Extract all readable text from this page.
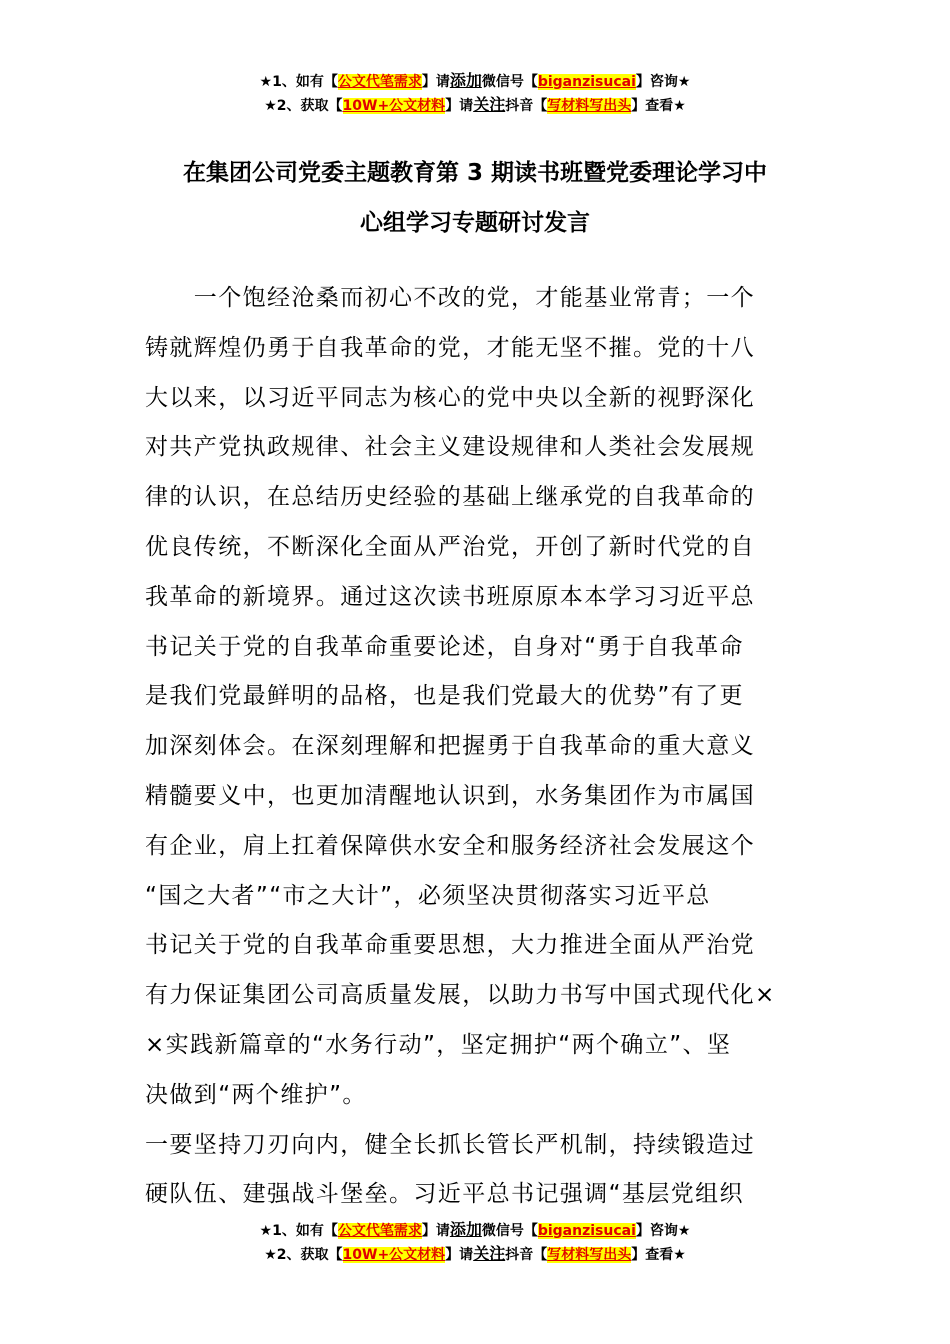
★1、如有【公文代笔需求】请添加微信号【biganzisucai】咨询★
★2、获取【10W+公文材料】请关注抖音【写材料写出头】查看★
在集团公司党委主题教育第 3 期读书班暨党委理论学习中
心组学习专题研讨发言
　　一个饱经沧桑而初心不改的党，才能基业常青；一个
铸就辉煌仍勇于自我革命的党，才能无坚不摧。党的十八
大以来，以习近平同志为核心的党中央以全新的视野深化
对共产党执政规律、社会主义建设规律和人类社会发展规
律的认识，在总结历史经验的基础上继承党的自我革命的
优良传统，不断深化全面从严治党，开创了新时代党的自
我革命的新境界。通过这次读书班原原本本学习习近平总
书记关于党的自我革命重要论述，自身对“勇于自我革命
是我们党最鲜明的品格，也是我们党最大的优势”有了更
加深刻体会。在深刻理解和把握勇于自我革命的重大意义
精髓要义中，也更加清醒地认识到，水务集团作为市属国
有企业，肩上扛着保障供水安全和服务经济社会发展这个
“国之大者”“市之大计”，必须坚决贯彻落实习近平总
书记关于党的自我革命重要思想，大力推进全面从严治党
有力保证集团公司高质量发展，以助力书写中国式现代化×
×实践新篇章的“水务行动”，坚定拥护“两个确立”、坚
决做到“两个维护”。
一要坚持刀刃向内，健全长抓长管长严机制，持续锻造过
硬队伍、建强战斗堡垒。习近平总书记强调“基层党组织
★1、如有【公文代笔需求】请添加微信号【biganzisucai】咨询★
★2、获取【10W+公文材料】请关注抖音【写材料写出头】查看★
